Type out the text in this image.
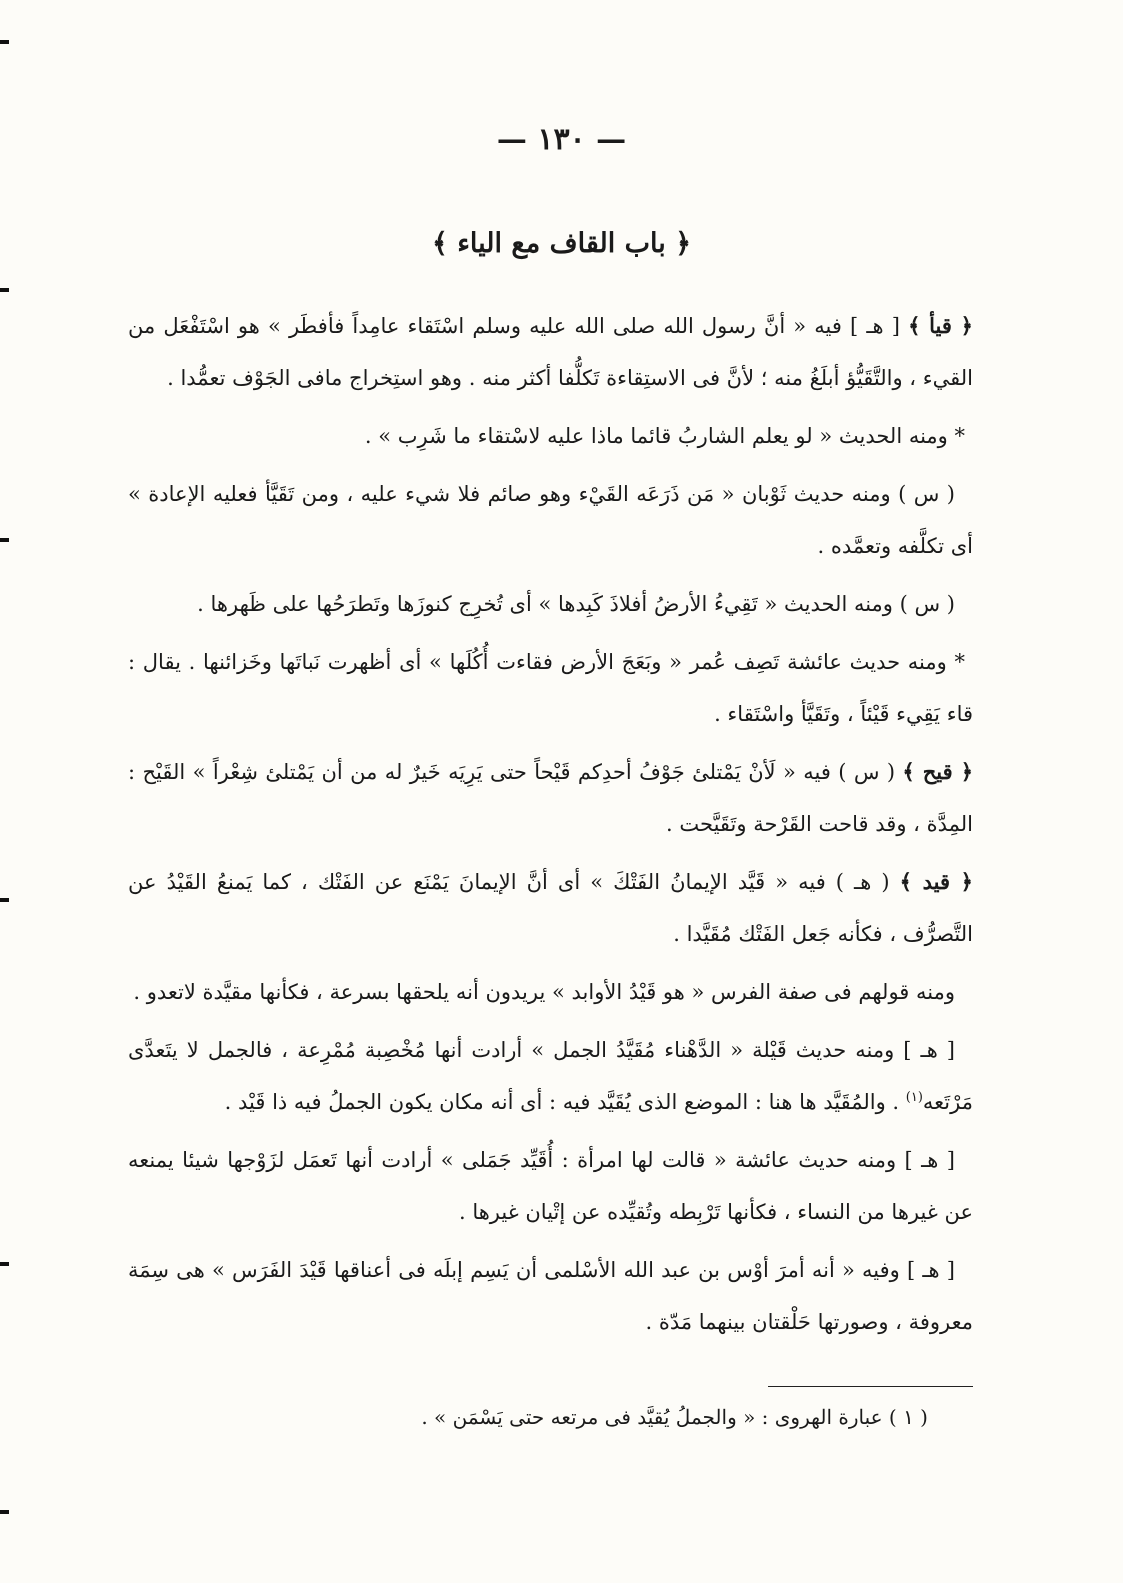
— ١٣٠ —
﴿ باب القاف مع الياء ﴾

﴿ قيأ ﴾ [ هـ ] فيه « أنَّ رسول الله صلى الله عليه وسلم اسْتَقاء عامِداً فأفطَر » هو اسْتَفْعَل من القيء ، والتَّقَيُّؤ أبلَغُ منه ؛ لأنَّ فى الاستِقاءة تَكلُّفا أكثر منه . وهو استِخراج مافى الجَوْف تعمُّدا .

* ومنه الحديث « لو يعلم الشاربُ قائما ماذا عليه لاسْتقاء ما شَرِب » .

( س ) ومنه حديث ثَوْبان « مَن ذَرَعَه القَيْء وهو صائم فلا شيء عليه ، ومن تَقَيَّأ فعليه الإعادة » أى تكلَّفه وتعمَّده .

( س ) ومنه الحديث « تَقِيءُ الأرضُ أفلاذَ كَبِدها » أى تُخرِج كنوزَها وتَطرَحُها على ظَهرها .

* ومنه حديث عائشة تَصِف عُمر « وبَعَجَ الأرض فقاءت أُكُلَها » أى أظهرت نَباتَها وخَزائنها . يقال : قاء يَقِيء قَيْئاً ، وتَقَيَّأ واسْتَقاء .

﴿ قيح ﴾ ( س ) فيه « لَأنْ يَمْتلئ جَوْفُ أحدِكم قَيْحاً حتى يَرِيَه خَيرٌ له من أن يَمْتلئ شِعْراً » القَيْح : المِدَّة ، وقد قاحت القَرْحة وتَقَيَّحت .

﴿ قيد ﴾ ( هـ ) فيه « قَيَّد الإيمانُ الفَتْكَ » أى أنَّ الإيمانَ يَمْنَع عن الفَتْك ، كما يَمنعُ القَيْدُ عن التَّصرُّف ، فكأنه جَعل الفَتْك مُقَيَّدا .

ومنه قولهم فى صفة الفرس « هو قَيْدُ الأوابد » يريدون أنه يلحقها بسرعة ، فكأنها مقيَّدة لاتعدو .

[ هـ ] ومنه حديث قَيْلة « الدَّهْناء مُقَيَّدُ الجمل » أرادت أنها مُخْصِبة مُمْرِعة ، فالجمل لا يتَعدَّى مَرْتَعه$^{(١)}$ . والمُقَيَّد ها هنا : الموضع الذى يُقَيَّد فيه : أى أنه مكان يكون الجملُ فيه ذا قَيْد .

[ هـ ] ومنه حديث عائشة « قالت لها امرأة : أُقَيِّد جَمَلى » أرادت أنها تَعمَل لزَوْجها شيئا يمنعه عن غيرها من النساء ، فكأنها تَرْبِطه وتُقيِّده عن إتْيان غيرها .

[ هـ ] وفيه « أنه أمرَ أوْس بن عبد الله الأسْلمى أن يَسِم إبلَه فى أعناقها قَيْدَ الفَرَس » هى سِمَة معروفة ، وصورتها حَلْقتان بينهما مَدّة .

( ١ ) عبارة الهروى : « والجملُ يُقيَّد فى مرتعه حتى يَسْمَن » .
